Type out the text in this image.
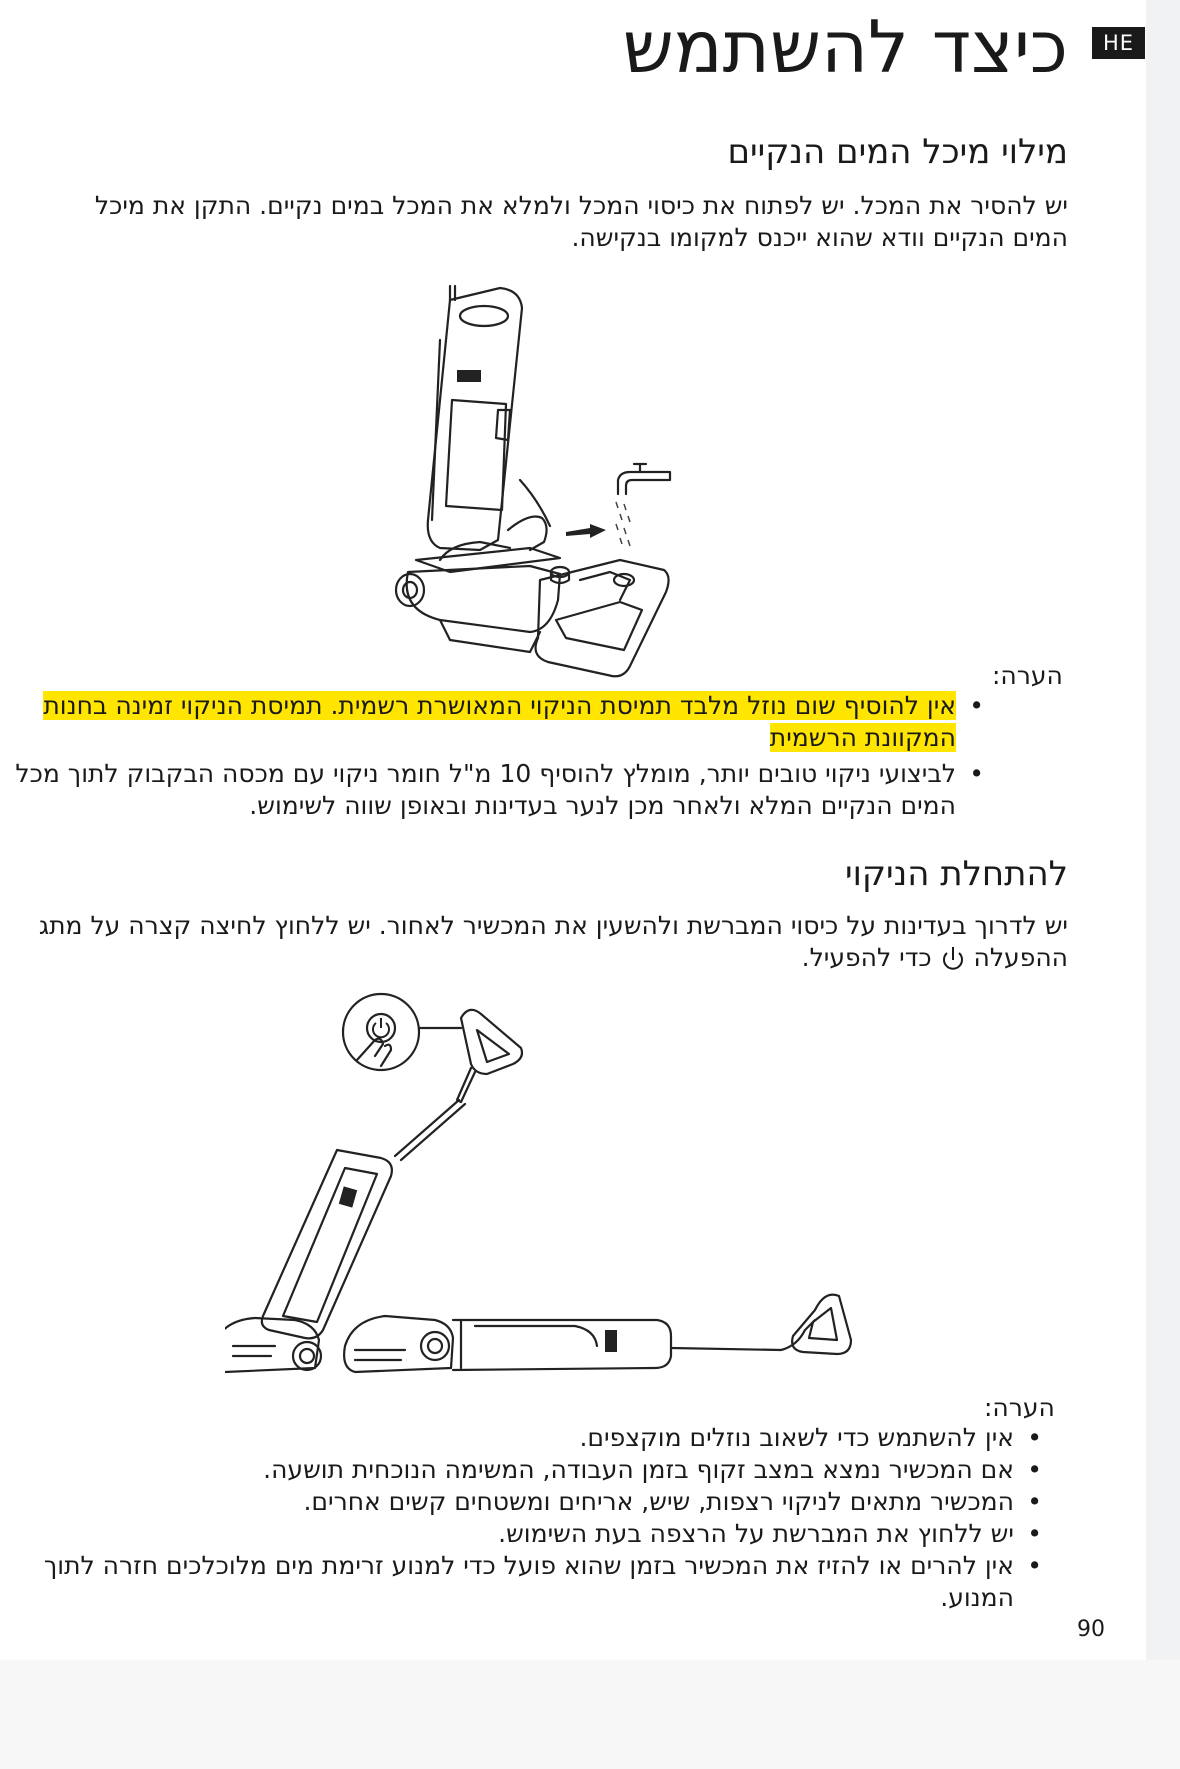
HE
כיצד להשתמש
מילוי מיכל המים הנקיים
יש להסיר את המכל. יש לפתוח את כיסוי המכל ולמלא את המכל במים נקיים. התקן את מיכל המים הנקיים וודא שהוא ייכנס למקומו בנקישה.
הערה:
•
אין להוסיף שום נוזל מלבד תמיסת הניקוי המאושרת רשמית. תמיסת הניקוי זמינה בחנות המקוונת הרשמית
•
לביצועי ניקוי טובים יותר, מומלץ להוסיף 10 מ"ל חומר ניקוי עם מכסה הבקבוק לתוך מכל המים הנקיים המלא ולאחר מכן לנער בעדינות ובאופן שווה לשימוש.
להתחלת הניקוי
יש לדרוך בעדינות על כיסוי המברשת ולהשעין את המכשיר לאחור. יש ללחוץ לחיצה קצרה על מתג ההפעלה  כדי להפעיל.
הערה:
•
אין להשתמש כדי לשאוב נוזלים מוקצפים.
•
אם המכשיר נמצא במצב זקוף בזמן העבודה, המשימה הנוכחית תושעה.
•
המכשיר מתאים לניקוי רצפות, שיש, אריחים ומשטחים קשים אחרים.
•
יש ללחוץ את המברשת על הרצפה בעת השימוש.
•
אין להרים או להזיז את המכשיר בזמן שהוא פועל כדי למנוע זרימת מים מלוכלכים חזרה לתוך המנוע.
90
